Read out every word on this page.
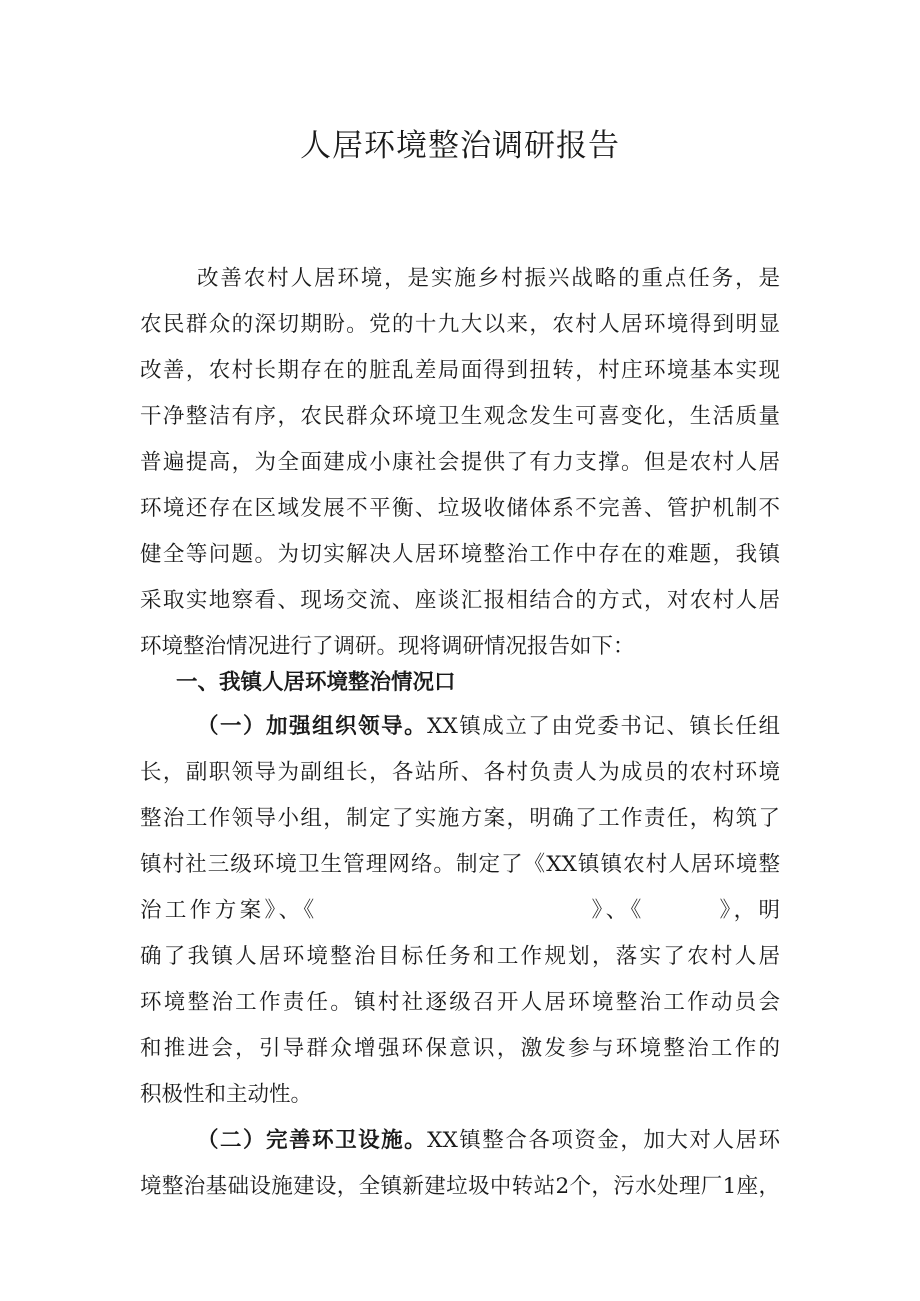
人居环境整治调研报告
改善农村人居环境，是实施乡村振兴战略的重点任务，是
农民群众的深切期盼。党的十九大以来，农村人居环境得到明显
改善，农村长期存在的脏乱差局面得到扭转，村庄环境基本实现
干净整洁有序，农民群众环境卫生观念发生可喜变化，生活质量
普遍提高，为全面建成小康社会提供了有力支撑。但是农村人居
环境还存在区域发展不平衡、垃圾收储体系不完善、管护机制不
健全等问题。为切实解决人居环境整治工作中存在的难题，我镇
采取实地察看、现场交流、座谈汇报相结合的方式，对农村人居
环境整治情况进行了调研。现将调研情况报告如下：
一、我镇人居环境整治情况口
（一）加强组织领导。XX镇成立了由党委书记、镇长任组
长，副职领导为副组长，各站所、各村负责人为成员的农村环境
整治工作领导小组，制定了实施方案，明确了工作责任，构筑了
镇村社三级环境卫生管理网络。制定了《XX镇镇农村人居环境整
治工作方案》、《　　　　　　　　　　　》、《　　　》，明
确了我镇人居环境整治目标任务和工作规划，落实了农村人居
环境整治工作责任。镇村社逐级召开人居环境整治工作动员会
和推进会，引导群众增强环保意识，激发参与环境整治工作的
积极性和主动性。
（二）完善环卫设施。XX镇整合各项资金，加大对人居环
境整治基础设施建设，全镇新建垃圾中转站2个，污水处理厂1座，
